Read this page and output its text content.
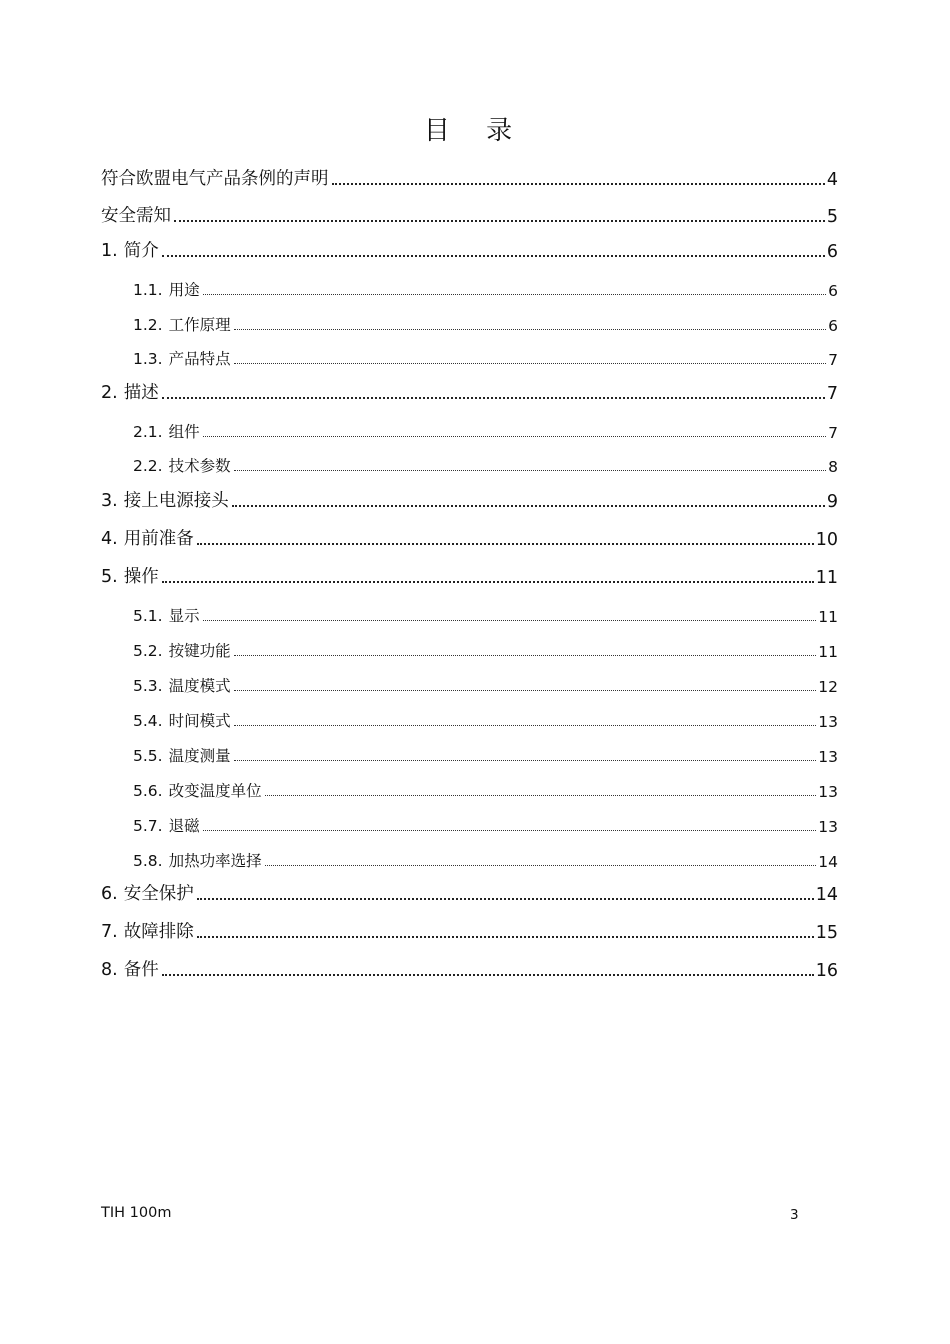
目 录
符合欧盟电气产品条例的声明	4
安全需知	5
1. 简介	6
1.1. 用途	6
1.2. 工作原理	6
1.3. 产品特点	7
2. 描述	7
2.1. 组件	7
2.2. 技术参数	8
3. 接上电源接头	9
4. 用前准备	10
5. 操作	11
5.1. 显示	11
5.2. 按键功能	11
5.3. 温度模式	12
5.4. 时间模式	13
5.5. 温度测量	13
5.6. 改变温度单位	13
5.7. 退磁	13
5.8. 加热功率选择	14
6. 安全保护	14
7. 故障排除	15
8. 备件	16
TIH 100m	3
